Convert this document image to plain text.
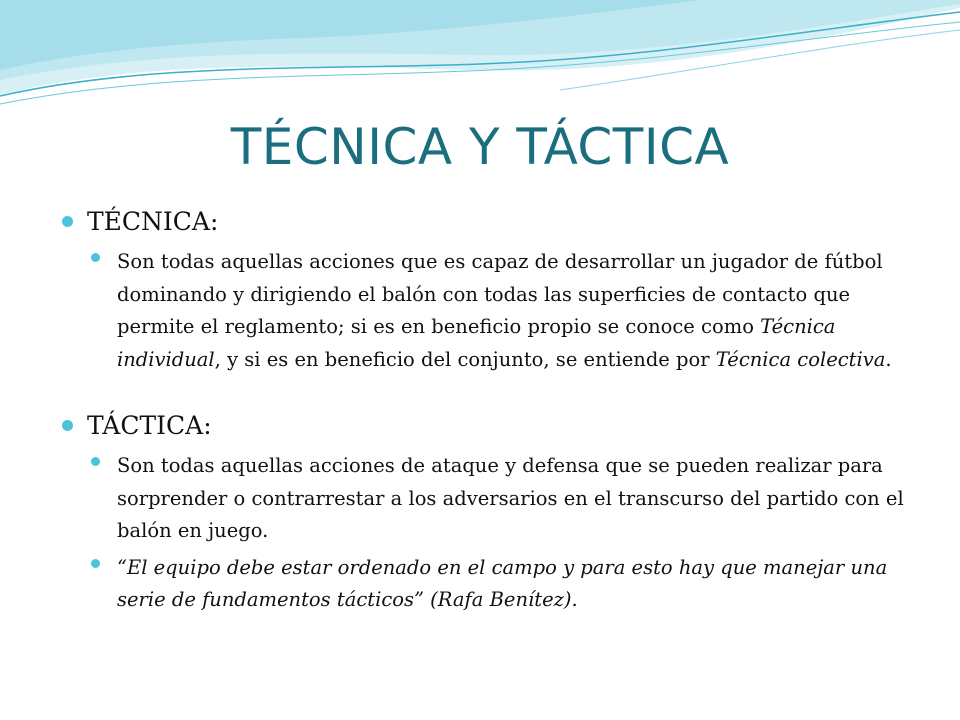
TÉCNICA Y TÁCTICA
TÉCNICA:
Son todas aquellas acciones que es capaz de desarrollar un jugador de fútbol dominando y dirigiendo el balón con todas las superficies de contacto que permite el reglamento; si es en beneficio propio se conoce como Técnica individual, y si es en beneficio del conjunto, se entiende por Técnica colectiva.
TÁCTICA:
Son todas aquellas acciones de ataque y defensa que se pueden realizar para sorprender o contrarrestar a los adversarios en el transcurso del partido con el balón en juego.
“El equipo debe estar ordenado en el campo y para esto hay que manejar una serie de fundamentos tácticos” (Rafa Benítez).
